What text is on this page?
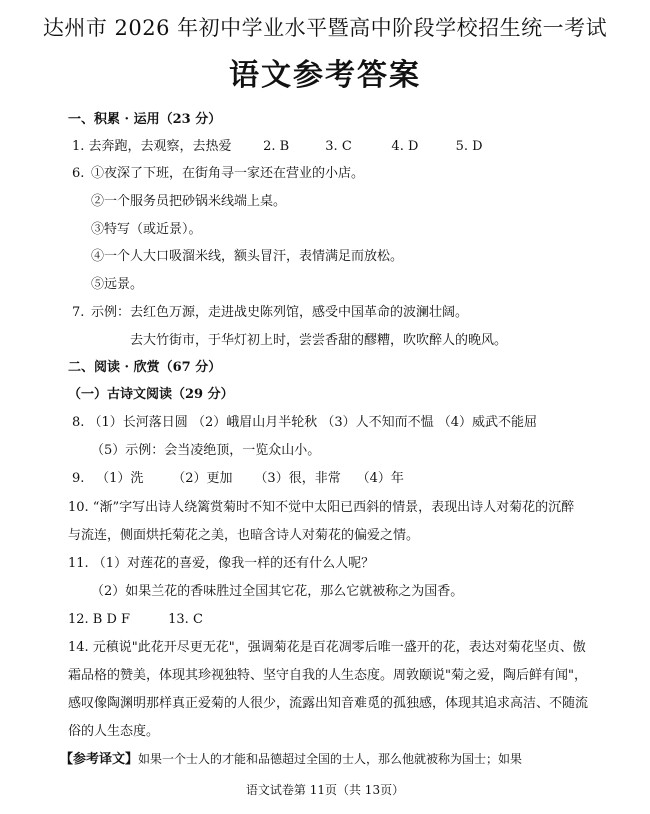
达州市 2026 年初中学业水平暨高中阶段学校招生统一考试
语文参考答案
一、积累 · 运用（23 分）
1. 去奔跑，去观察，去热爱 2. B	3. C	4. D	5. D
6. ①夜深了下班，在街角寻一家还在营业的小店。
②一个服务员把砂锅米线端上桌。
③特写（或近景）。
④一个人大口吸溜米线，额头冒汗，表情满足而放松。
⑤远景。
7. 示例：去红色万源，走进战史陈列馆，感受中国革命的波澜壮阔。
去大竹街市，于华灯初上时，尝尝香甜的醪糟，吹吹醉人的晚风。
二、阅读 · 欣赏（67 分）
（一）古诗文阅读（29 分）
8. （1）长河落日圆 （2）峨眉山月半轮秋 （3）人不知而不愠 （4）威武不能屈
（5）示例：会当凌绝顶，一览众山小。
9. （1）洗 （2）更加 （3）很，非常 （4）年
10. “渐”字写出诗人绕篱赏菊时不知不觉中太阳已西斜的情景，表现出诗人对菊花的沉醉
与流连，侧面烘托菊花之美，也暗含诗人对菊花的偏爱之情。
11. （1）对莲花的喜爱，像我一样的还有什么人呢？
（2）如果兰花的香味胜过全国其它花，那么它就被称之为国香。
12. B D F	13. C
14. 元稹说"此花开尽更无花"，强调菊花是百花凋零后唯一盛开的花，表达对菊花坚贞、傲
霜品格的赞美，体现其珍视独特、坚守自我的人生态度。周敦颐说"菊之爱，陶后鲜有闻"，
感叹像陶渊明那样真正爱菊的人很少，流露出知音难觅的孤独感，体现其追求高洁、不随流
俗的人生态度。
【参考译文】如果一个士人的才能和品德超过全国的士人，那么他就被称为国士；如果
语文试卷第 11页（共 13页）
